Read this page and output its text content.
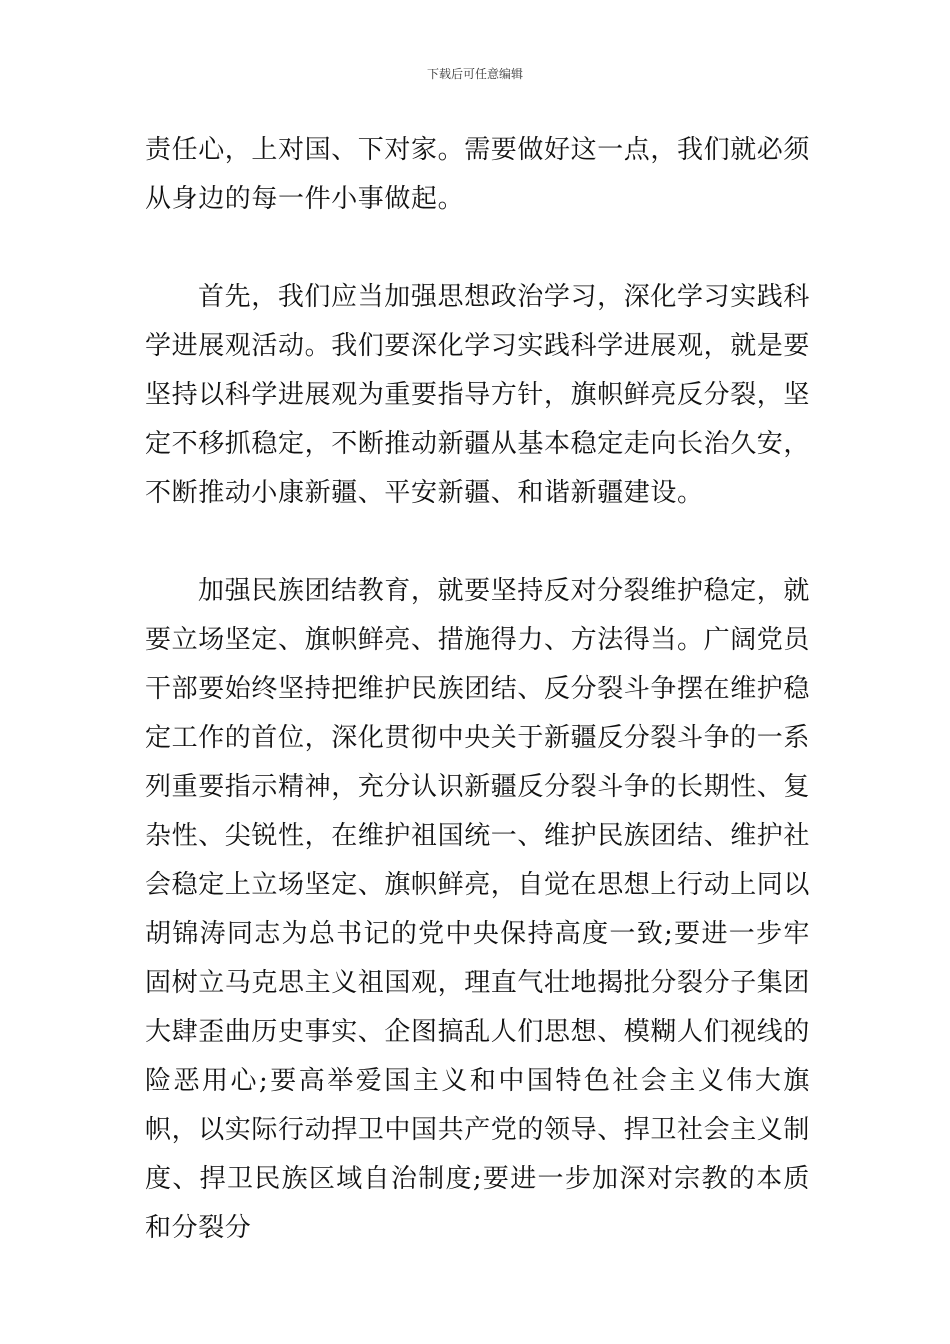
下载后可任意编辑

责任心，上对国、下对家。需要做好这一点，我们就必须从身边的每一件小事做起。

首先，我们应当加强思想政治学习，深化学习实践科学进展观活动。我们要深化学习实践科学进展观，就是要坚持以科学进展观为重要指导方针，旗帜鲜亮反分裂，坚定不移抓稳定，不断推动新疆从基本稳定走向长治久安，不断推动小康新疆、平安新疆、和谐新疆建设。

加强民族团结教育，就要坚持反对分裂维护稳定，就要立场坚定、旗帜鲜亮、措施得力、方法得当。广阔党员干部要始终坚持把维护民族团结、反分裂斗争摆在维护稳定工作的首位，深化贯彻中央关于新疆反分裂斗争的一系列重要指示精神，充分认识新疆反分裂斗争的长期性、复杂性、尖锐性，在维护祖国统一、维护民族团结、维护社会稳定上立场坚定、旗帜鲜亮，自觉在思想上行动上同以胡锦涛同志为总书记的党中央保持高度一致;要进一步牢固树立马克思主义祖国观，理直气壮地揭批分裂分子集团大肆歪曲历史事实、企图搞乱人们思想、模糊人们视线的险恶用心;要高举爱国主义和中国特色社会主义伟大旗帜，以实际行动捍卫中国共产党的领导、捍卫社会主义制度、捍卫民族区域自治制度;要进一步加深对宗教的本质和分裂分
